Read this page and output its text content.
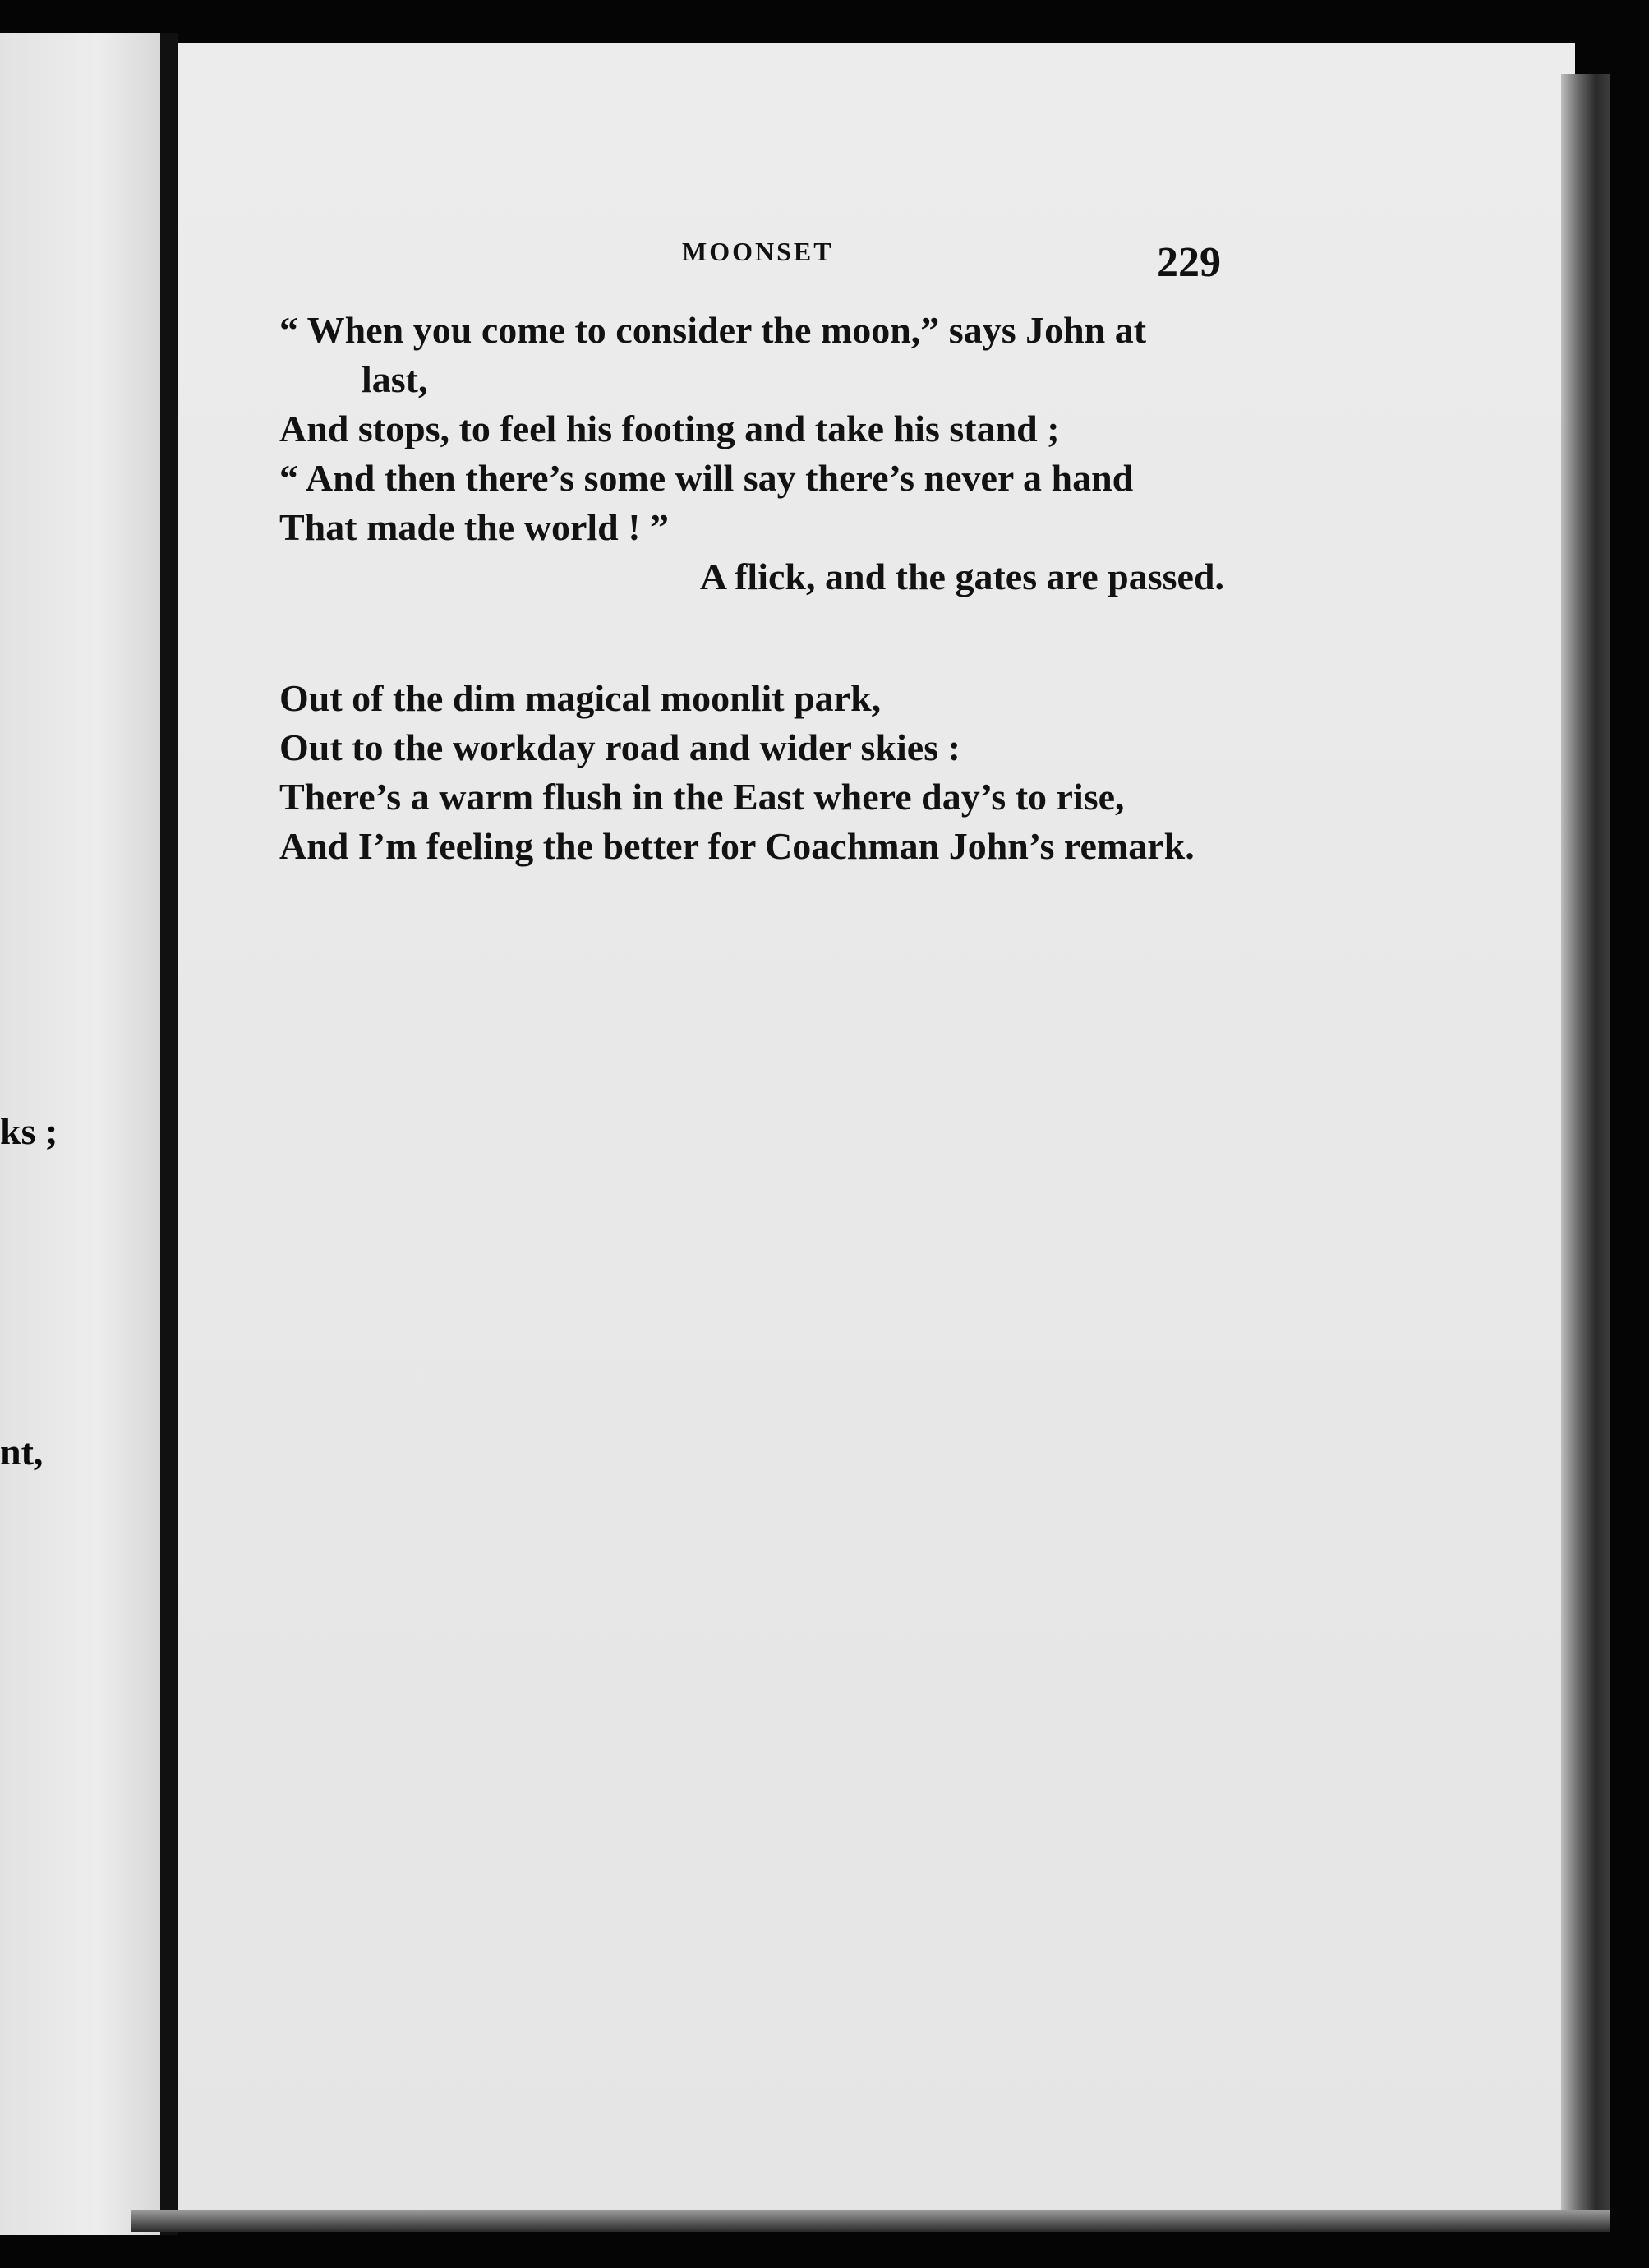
ks ;
nt,
MOONSET	229
“ When you come to consider the moon,” says John at
last,
And stops, to feel his footing and take his stand ;
“ And then there’s some will say there’s never a hand
That made the world ! ”
A flick, and the gates are passed.
Out of the dim magical moonlit park,
Out to the workday road and wider skies :
There’s a warm flush in the East where day’s to rise,
And I’m feeling the better for Coachman John’s remark.
